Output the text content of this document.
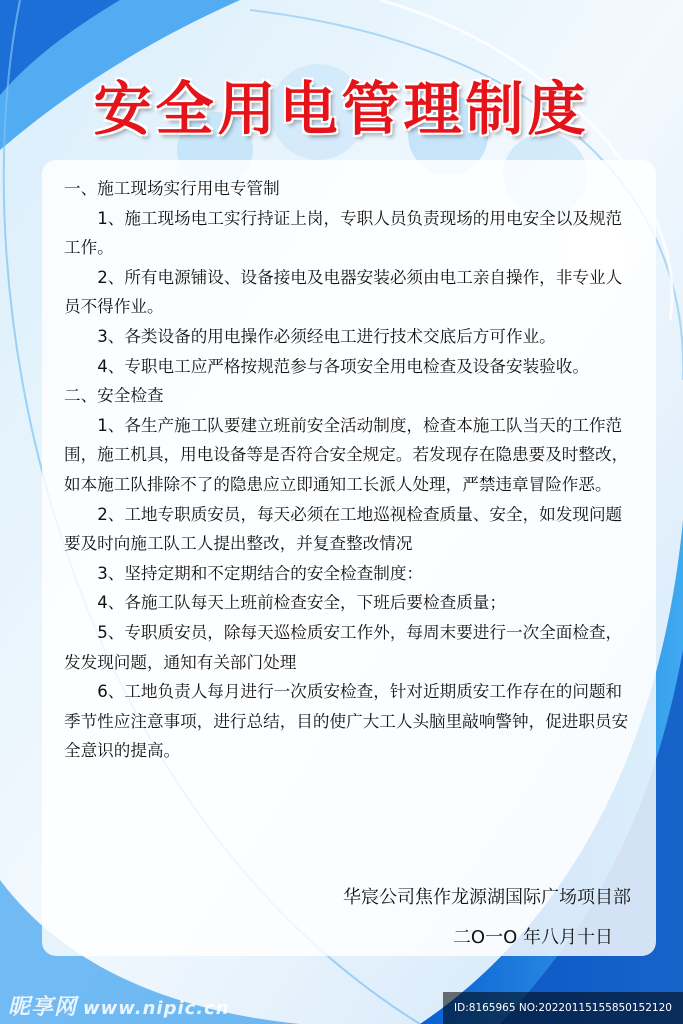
安全用电管理制度

一、施工现场实行用电专管制

1、施工现场电工实行持证上岗，专职人员负责现场的用电安全以及规范工作。

2、所有电源铺设、设备接电及电器安装必须由电工亲自操作，非专业人员不得作业。

3、各类设备的用电操作必须经电工进行技术交底后方可作业。

4、专职电工应严格按规范参与各项安全用电检查及设备安装验收。

二、安全检查

1、各生产施工队要建立班前安全活动制度，检查本施工队当天的工作范围，施工机具，用电设备等是否符合安全规定。若发现存在隐患要及时整改，如本施工队排除不了的隐患应立即通知工长派人处理，严禁违章冒险作恶。

2、工地专职质安员，每天必须在工地巡视检查质量、安全，如发现问题要及时向施工队工人提出整改，并复查整改情况

3、坚持定期和不定期结合的安全检查制度：

4、各施工队每天上班前检查安全，下班后要检查质量；

5、专职质安员，除每天巡检质安工作外，每周末要进行一次全面检查，发发现问题，通知有关部门处理

6、工地负责人每月进行一次质安检查，针对近期质安工作存在的问题和季节性应注意事项，进行总结，目的使广大工人头脑里敲响警钟，促进职员安全意识的提高。

华宸公司焦作龙源湖国际广场项目部
二O一O 年八月十日
昵享网 www.nipic.cn	ID:8165965 NO:20220115155850152120
